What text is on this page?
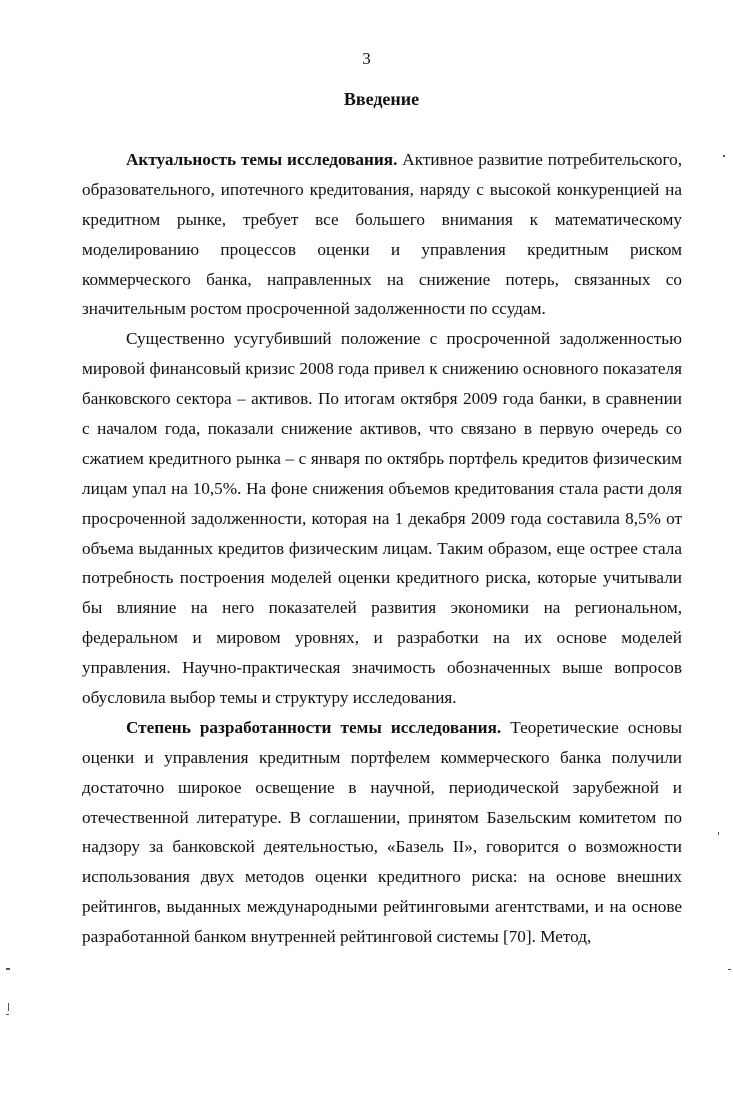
3
Введение
Актуальность темы исследования. Активное развитие потребительского,
образовательного, ипотечного кредитования, наряду с высокой конкуренцией на
кредитном рынке, требует все большего внимания к математическому
моделированию процессов оценки и управления кредитным риском
коммерческого банка, направленных на снижение потерь, связанных со
значительным ростом просроченной задолженности по ссудам.
Существенно усугубивший положение с просроченной задолженностью
мировой финансовый кризис 2008 года привел к снижению основного показателя
банковского сектора – активов. По итогам октября 2009 года банки, в сравнении
с началом года, показали снижение активов, что связано в первую очередь со
сжатием кредитного рынка – с января по октябрь портфель кредитов физическим
лицам упал на 10,5%. На фоне снижения объемов кредитования стала расти доля
просроченной задолженности, которая на 1 декабря 2009 года составила 8,5% от
объема выданных кредитов физическим лицам. Таким образом, еще острее стала
потребность построения моделей оценки кредитного риска, которые учитывали
бы влияние на него показателей развития экономики на региональном,
федеральном и мировом уровнях, и разработки на их основе моделей
управления. Научно-практическая значимость обозначенных выше вопросов
обусловила выбор темы и структуру исследования.
Степень разработанности темы исследования. Теоретические основы
оценки и управления кредитным портфелем коммерческого банка получили
достаточно широкое освещение в научной, периодической зарубежной и
отечественной литературе. В соглашении, принятом Базельским комитетом по
надзору за банковской деятельностью, «Базель II», говорится о возможности
использования двух методов оценки кредитного риска: на основе внешних
рейтингов, выданных международными рейтинговыми агентствами, и на основе
разработанной банком внутренней рейтинговой системы [70]. Метод,
